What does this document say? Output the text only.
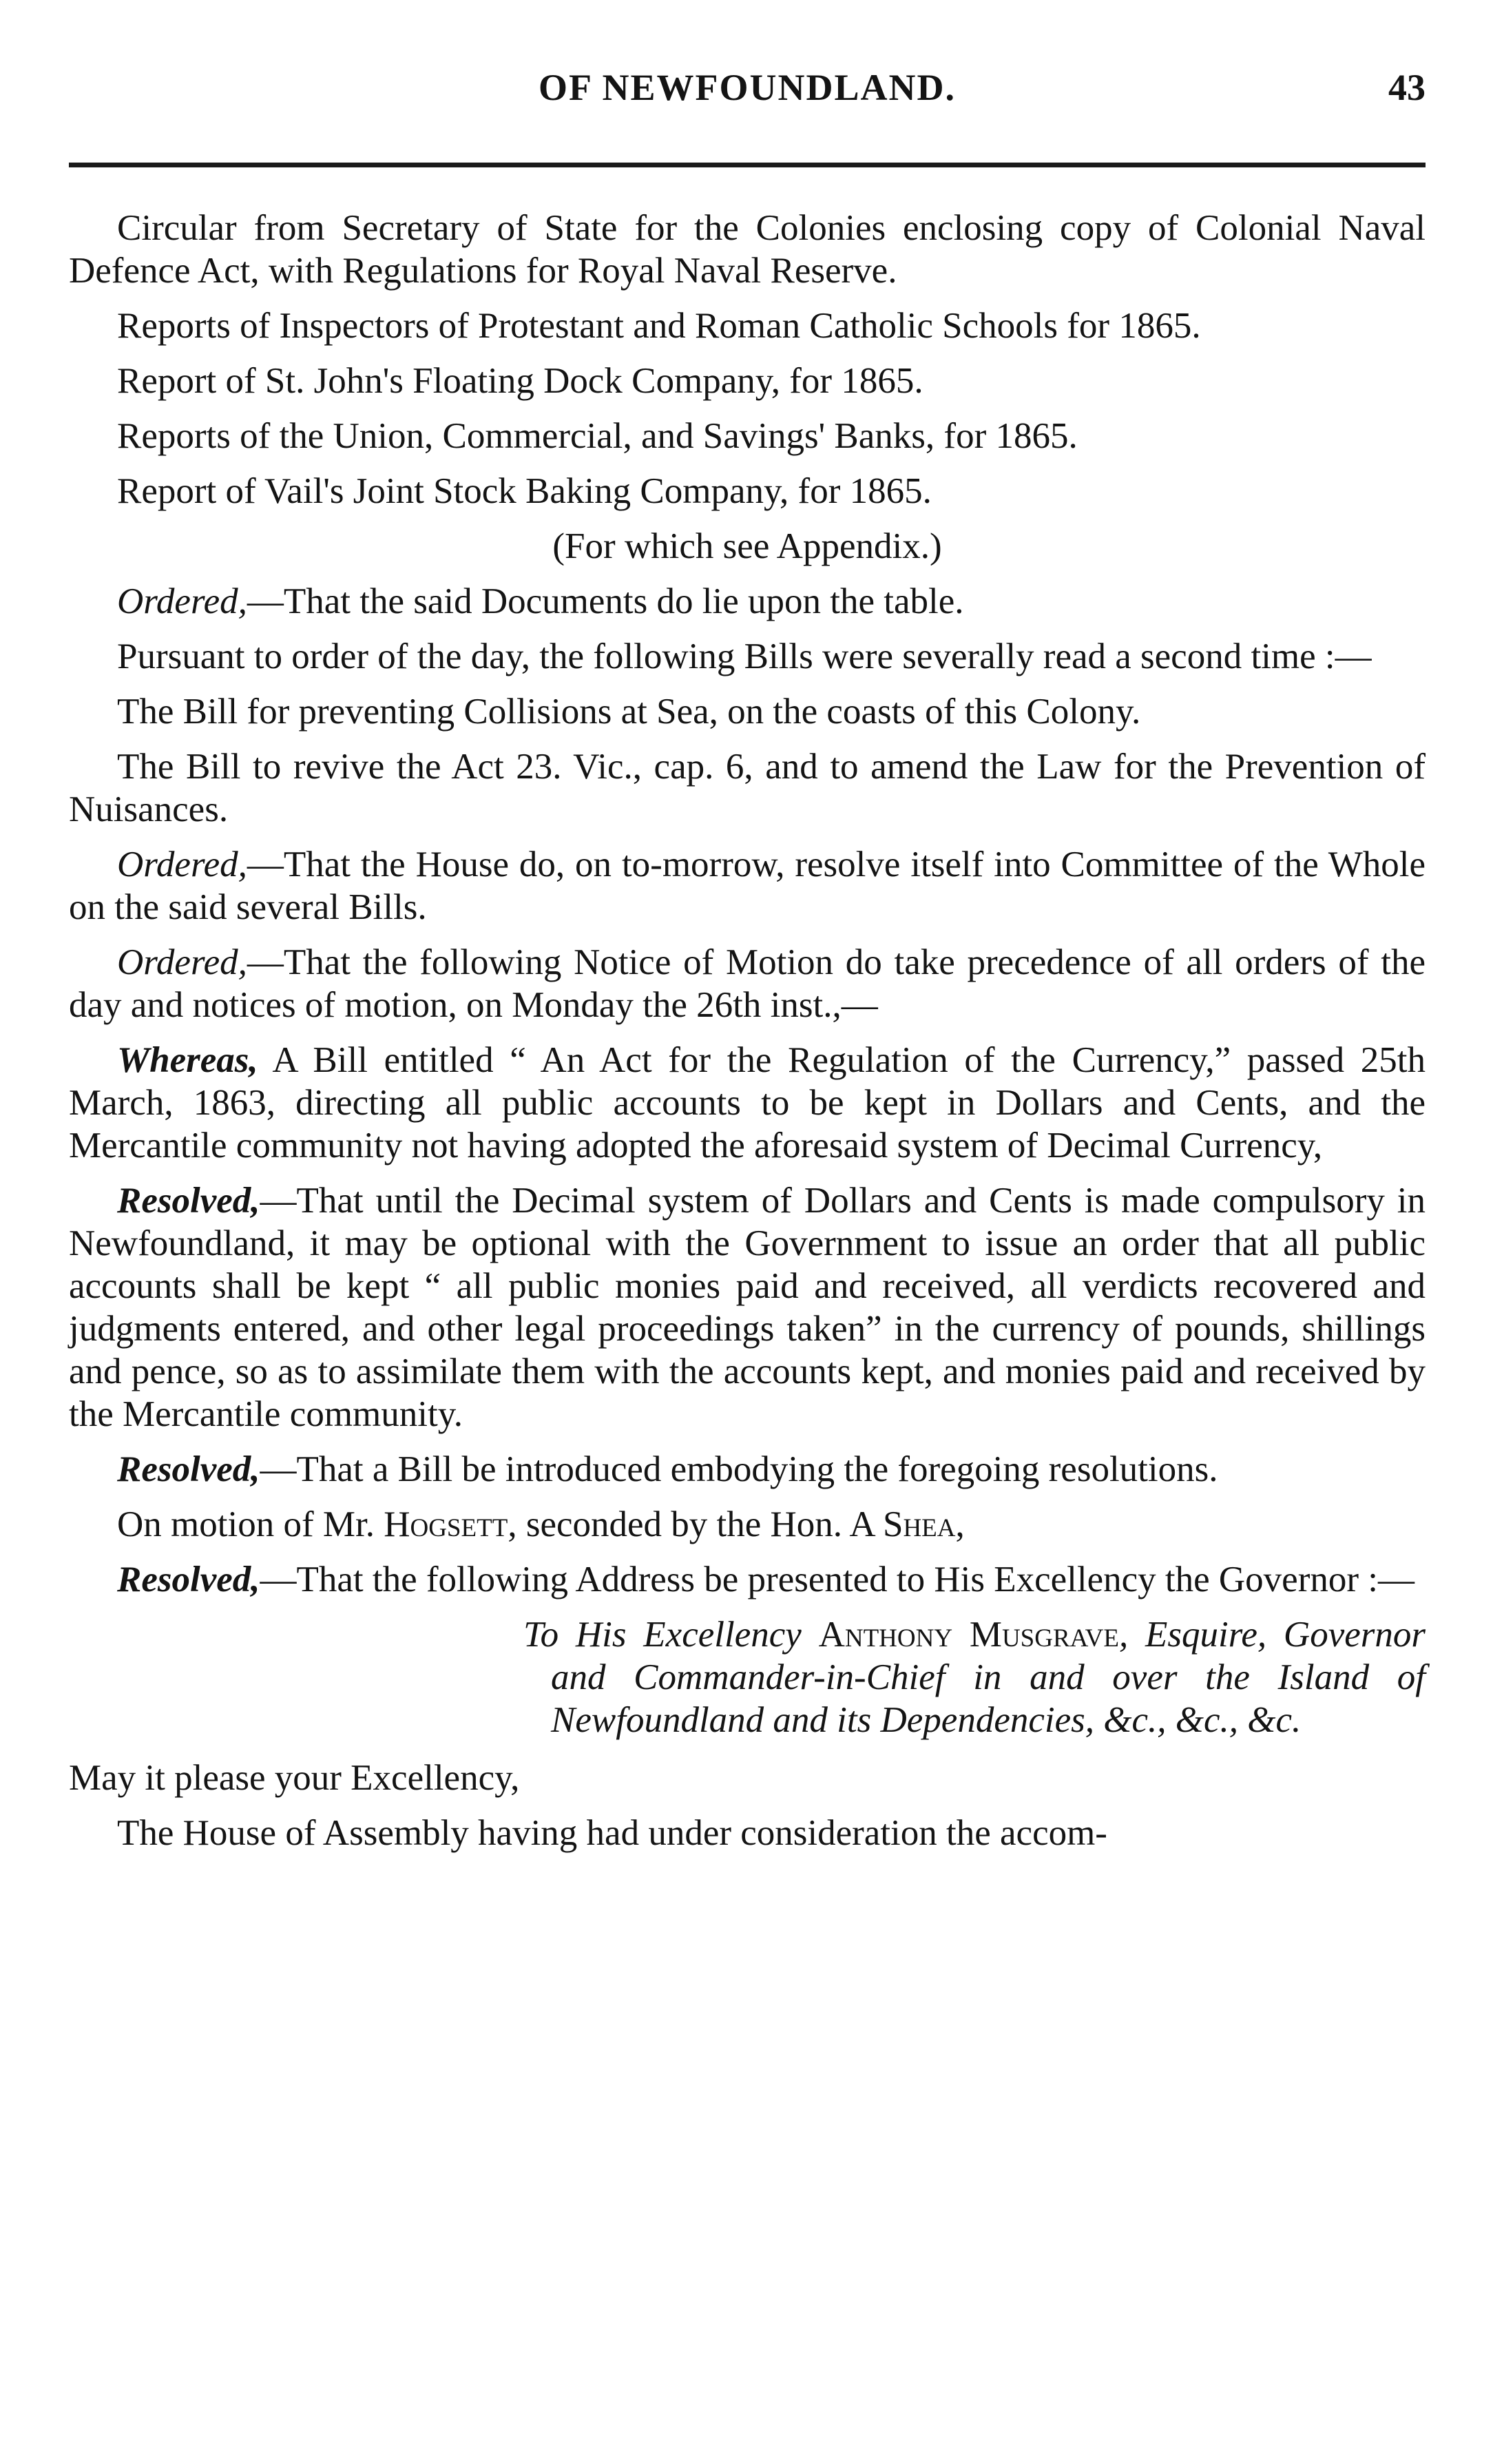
OF NEWFOUNDLAND.	43

Circular from Secretary of State for the Colonies enclosing copy of Colonial Naval Defence Act, with Regulations for Royal Naval Reserve.

Reports of Inspectors of Protestant and Roman Catholic Schools for 1865.

Report of St. John's Floating Dock Company, for 1865.

Reports of the Union, Commercial, and Savings' Banks, for 1865.

Report of Vail's Joint Stock Baking Company, for 1865.

(For which see Appendix.)

Ordered,—That the said Documents do lie upon the table.

Pursuant to order of the day, the following Bills were severally read a second time :—

The Bill for preventing Collisions at Sea, on the coasts of this Colony.

The Bill to revive the Act 23. Vic., cap. 6, and to amend the Law for the Prevention of Nuisances.

Ordered,—That the House do, on to-morrow, resolve itself into Committee of the Whole on the said several Bills.

Ordered,—That the following Notice of Motion do take precedence of all orders of the day and notices of motion, on Monday the 26th inst.,—

Whereas, A Bill entitled “ An Act for the Regulation of the Currency,” passed 25th March, 1863, directing all public accounts to be kept in Dollars and Cents, and the Mercantile community not having adopted the aforesaid system of Decimal Currency,

Resolved,—That until the Decimal system of Dollars and Cents is made compulsory in Newfoundland, it may be optional with the Government to issue an order that all public accounts shall be kept “ all public monies paid and received, all verdicts recovered and judgments entered, and other legal proceedings taken” in the currency of pounds, shillings and pence, so as to assimilate them with the accounts kept, and monies paid and received by the Mercantile community.

Resolved,—That a Bill be introduced embodying the foregoing resolutions.

On motion of Mr. Hogsett, seconded by the Hon. A Shea,

Resolved,—That the following Address be presented to His Excellency the Governor :—

To His Excellency Anthony Musgrave, Esquire, Governor and Commander-in-Chief in and over the Island of Newfoundland and its Dependencies, &c., &c., &c.

May it please your Excellency,

The House of Assembly having had under consideration the accom-
